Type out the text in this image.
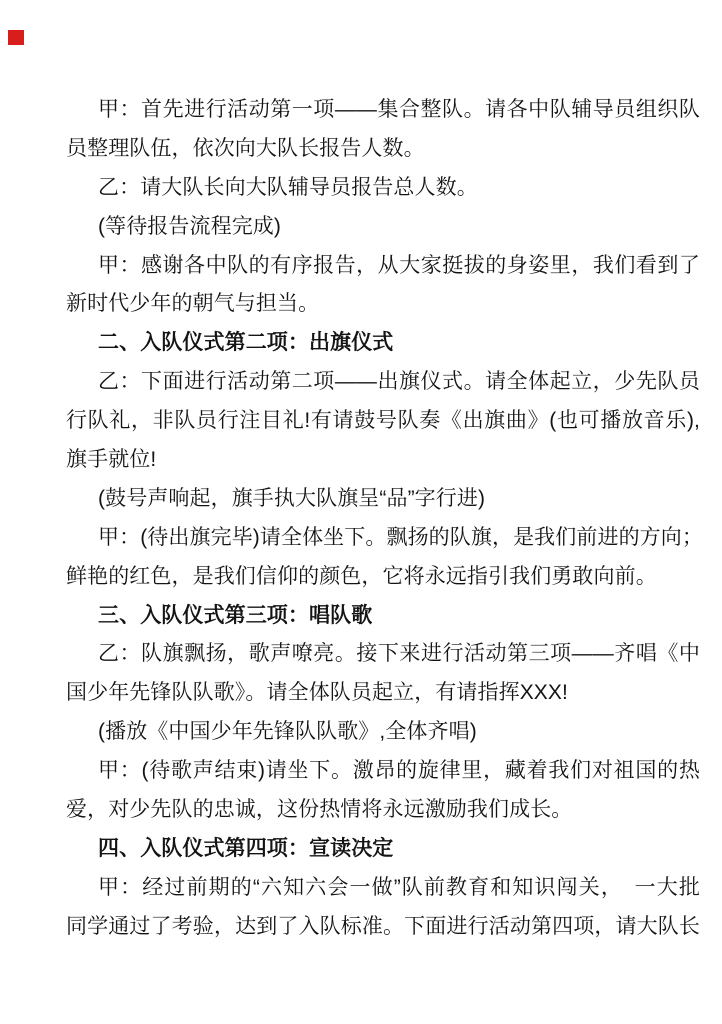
甲：首先进行活动第一项——集合整队。请各中队辅导员组织队
员整理队伍，依次向大队长报告人数。
乙：请大队长向大队辅导员报告总人数。
(等待报告流程完成)
甲：感谢各中队的有序报告，从大家挺拔的身姿里，我们看到了
新时代少年的朝气与担当。
二、入队仪式第二项：出旗仪式
乙：下面进行活动第二项——出旗仪式。请全体起立，少先队员
行队礼，非队员行注目礼!有请鼓号队奏《出旗曲》(也可播放音乐),
旗手就位!
(鼓号声响起，旗手执大队旗呈“品”字行进)
甲：(待出旗完毕)请全体坐下。飘扬的队旗，是我们前进的方向；
鲜艳的红色，是我们信仰的颜色，它将永远指引我们勇敢向前。
三、入队仪式第三项：唱队歌
乙：队旗飘扬，歌声嘹亮。接下来进行活动第三项——齐唱《中
国少年先锋队队歌》。请全体队员起立，有请指挥XXX!
(播放《中国少年先锋队队歌》,全体齐唱)
甲：(待歌声结束)请坐下。激昂的旋律里，藏着我们对祖国的热
爱，对少先队的忠诚，这份热情将永远激励我们成长。
四、入队仪式第四项：宣读决定
甲：经过前期的“六知六会一做”队前教育和知识闯关，　一大批
同学通过了考验，达到了入队标准。下面进行活动第四项，请大队长
